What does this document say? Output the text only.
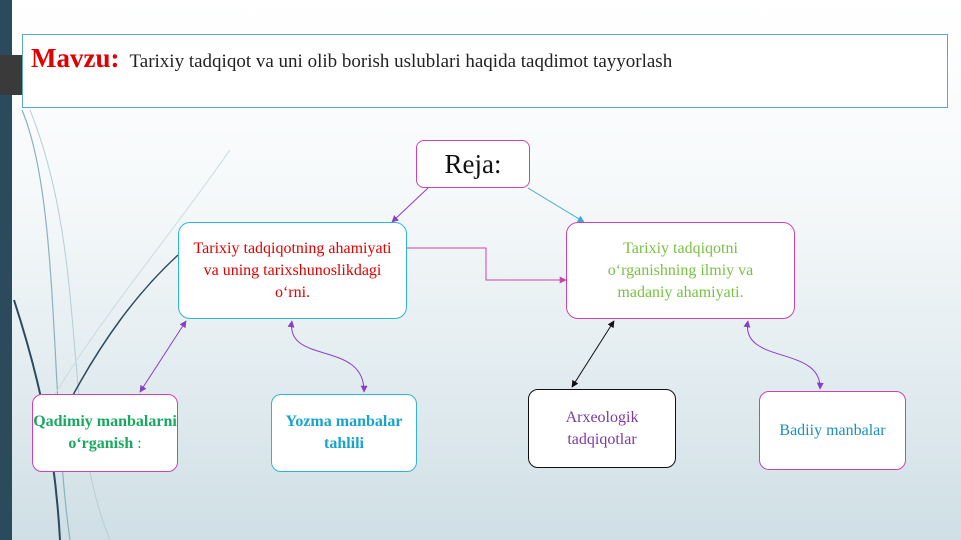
Mavzu: Tarixiy tadqiqot va uni olib borish uslublari haqida taqdimot tayyorlash
Reja:
Tarixiy tadqiqotning ahamiyati va uning tarixshunoslikdagi o‘rni.
Tarixiy tadqiqotni o‘rganishning ilmiy va madaniy ahamiyati.
Qadimiy manbalarni o‘rganish :
Yozma manbalar tahlili
Arxeologik tadqiqotlar
Badiiy manbalar
